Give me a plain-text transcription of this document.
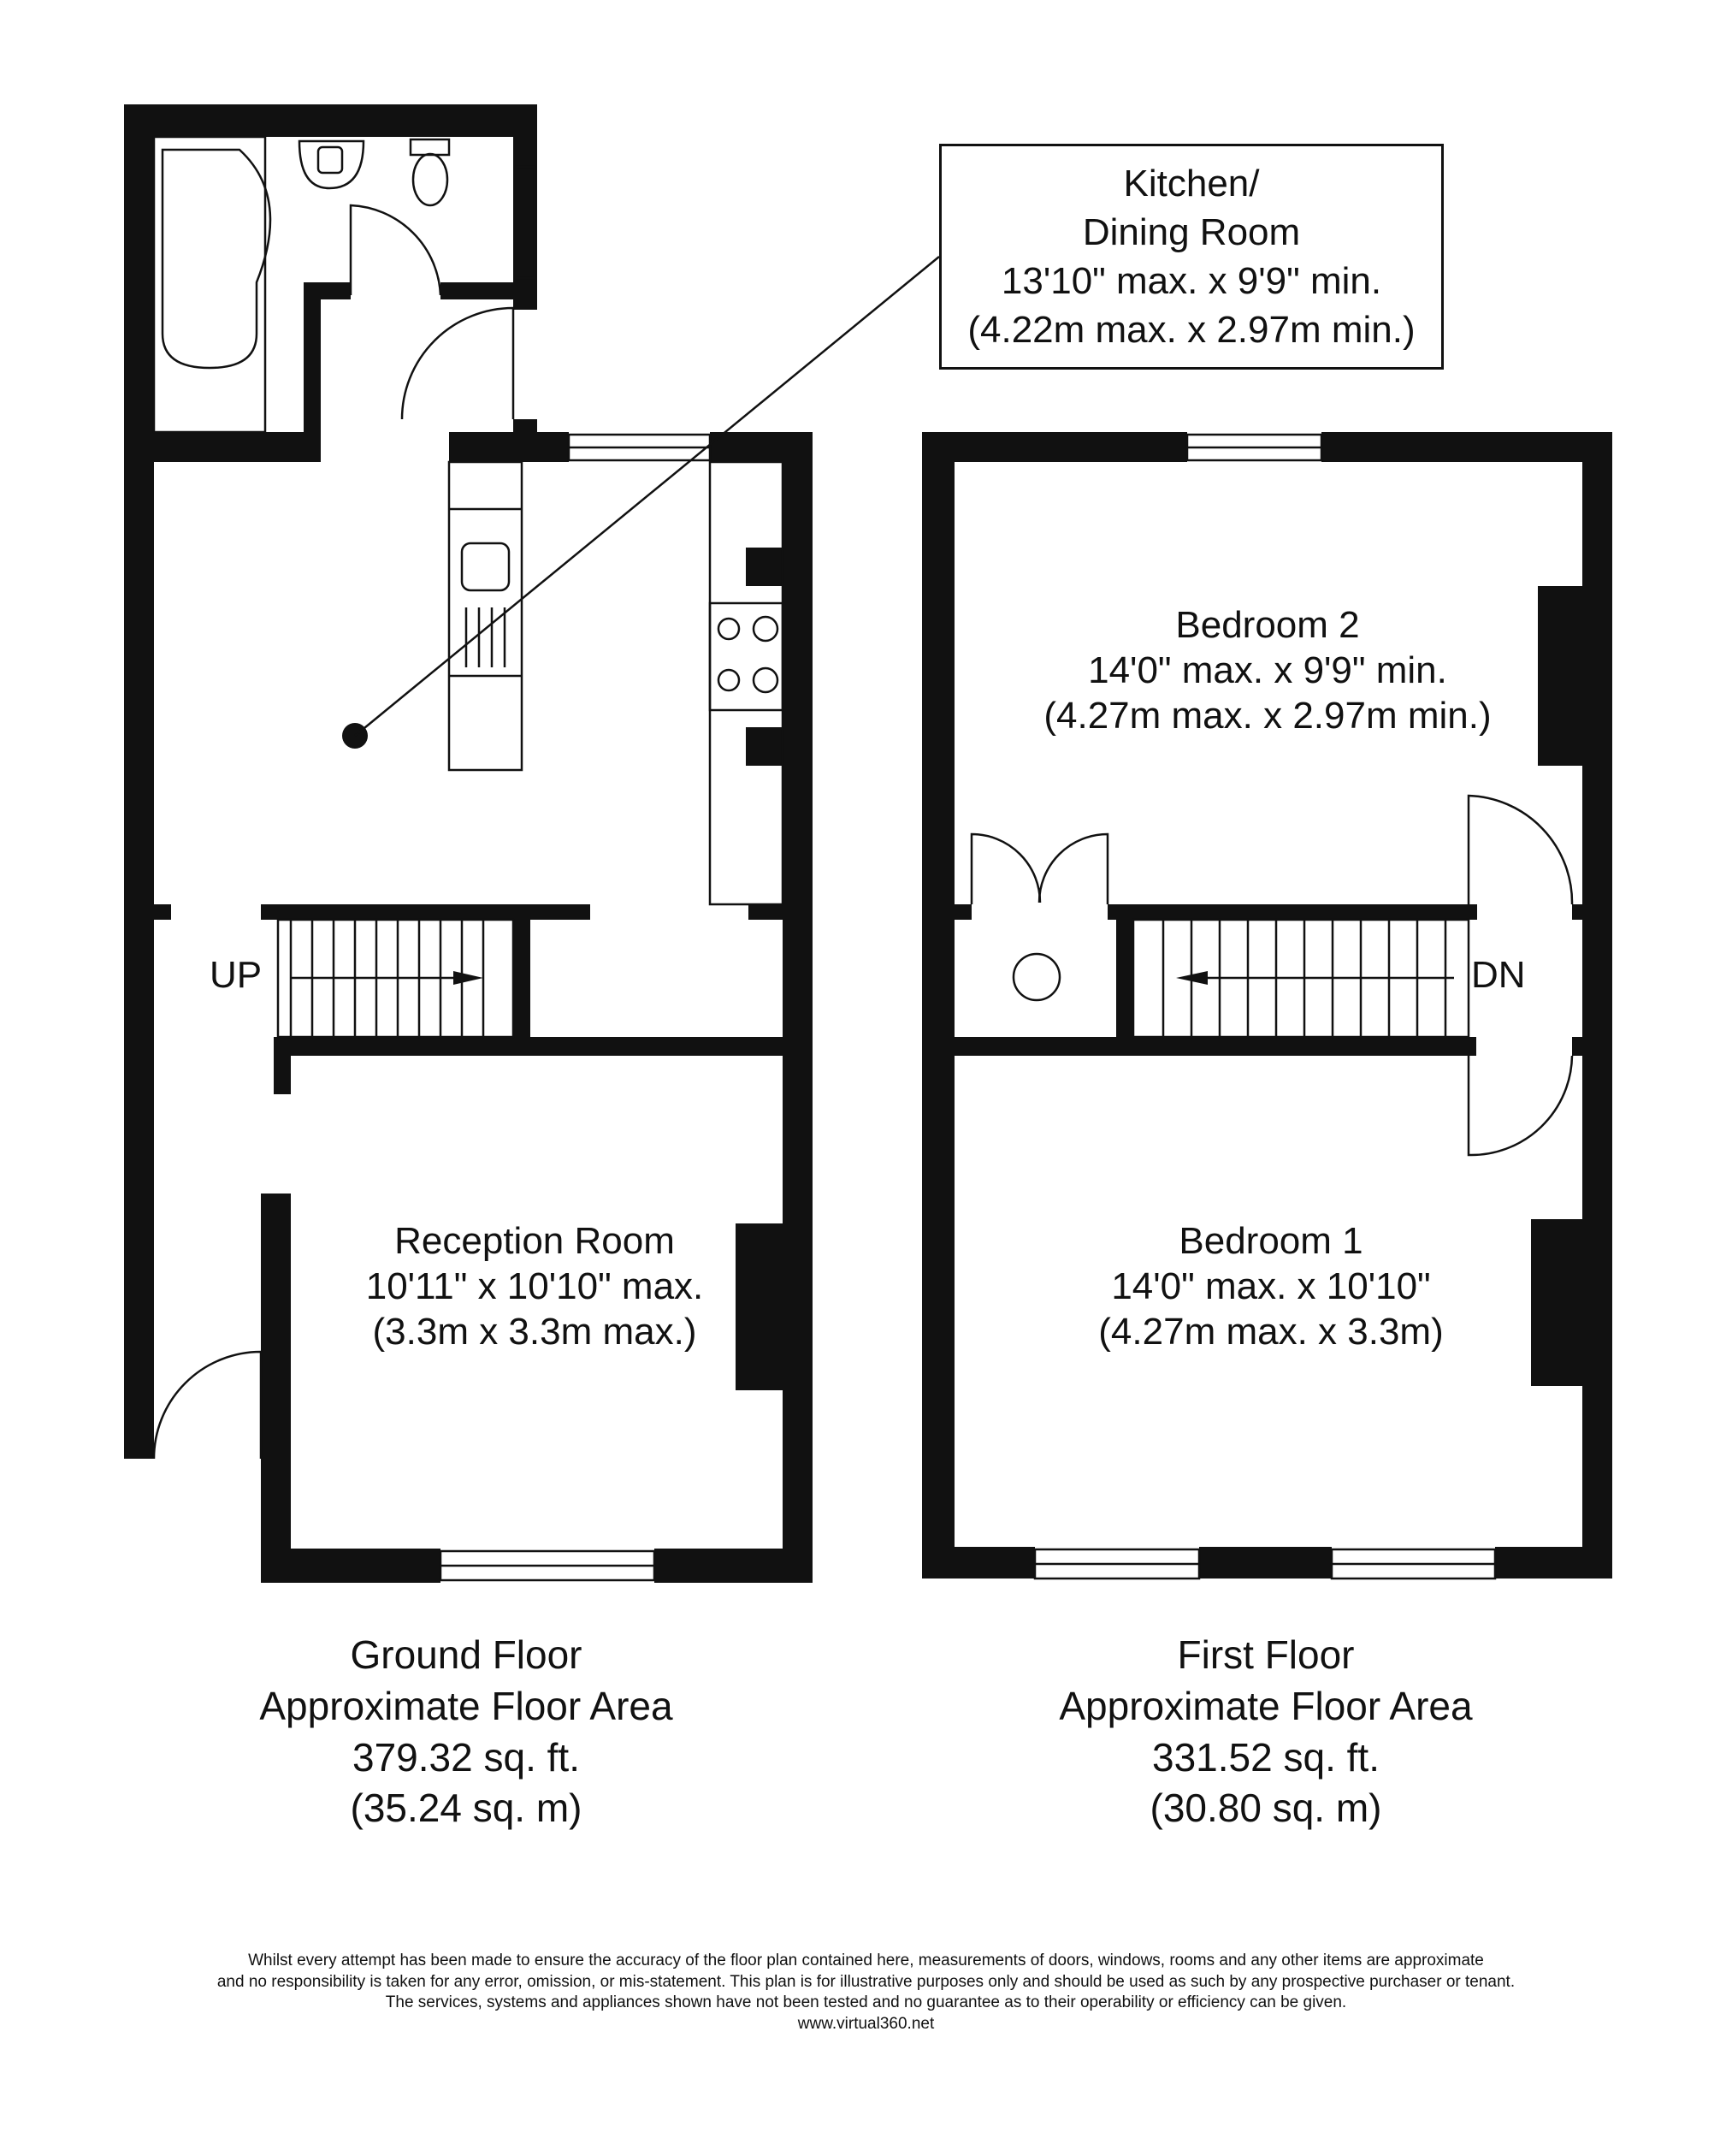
Kitchen/
Dining Room
13'10" max. x 9'9" min.
(4.22m max. x 2.97m min.)
Reception Room
10'11" x 10'10" max.
(3.3m x 3.3m max.)
Bedroom 2
14'0" max. x 9'9" min.
(4.27m max. x 2.97m min.)
Bedroom 1
14'0" max. x 10'10"
(4.27m max. x 3.3m)
UP	DN
Ground Floor
Approximate Floor Area
379.32 sq. ft.
(35.24 sq. m)
First Floor
Approximate Floor Area
331.52 sq. ft.
(30.80 sq. m)
Whilst every attempt has been made to ensure the accuracy of the floor plan contained here, measurements of doors, windows, rooms and any other items are approximate
and no responsibility is taken for any error, omission, or mis-statement. This plan is for illustrative purposes only and should be used as such by any prospective purchaser or tenant.
The services, systems and appliances shown have not been tested and no guarantee as to their operability or efficiency can be given.
www.virtual360.net
